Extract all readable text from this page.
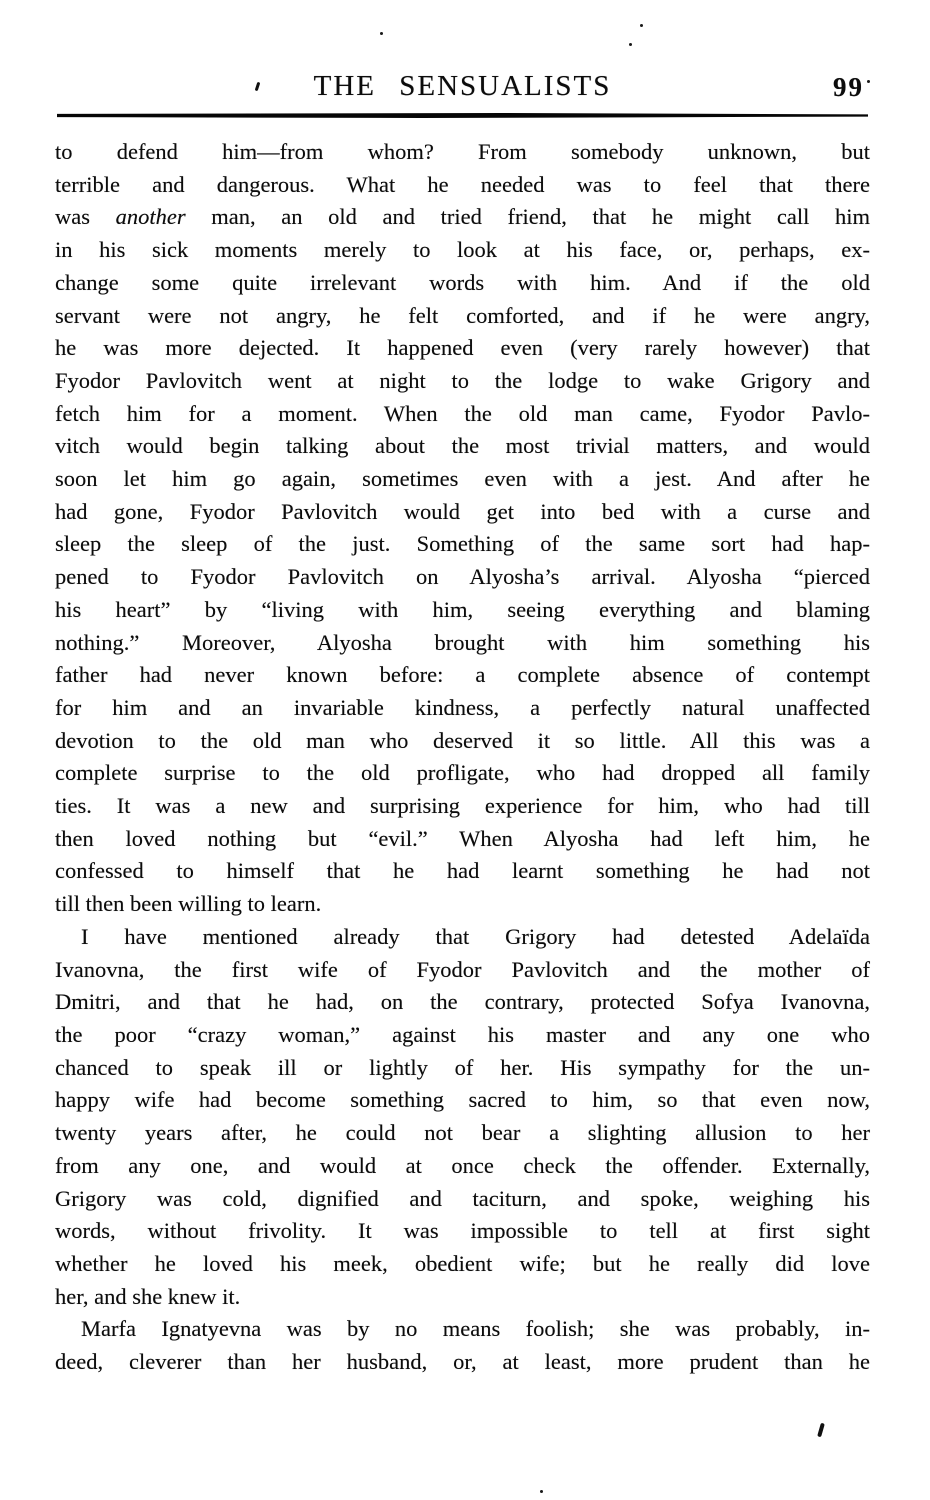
THE SENSUALISTS	99
to defend him—from whom? From somebody unknown, but
terrible and dangerous. What he needed was to feel that there
was another man, an old and tried friend, that he might call him
in his sick moments merely to look at his face, or, perhaps, ex-
change some quite irrelevant words with him. And if the old
servant were not angry, he felt comforted, and if he were angry,
he was more dejected. It happened even (very rarely however) that
Fyodor Pavlovitch went at night to the lodge to wake Grigory and
fetch him for a moment. When the old man came, Fyodor Pavlo-
vitch would begin talking about the most trivial matters, and would
soon let him go again, sometimes even with a jest. And after he
had gone, Fyodor Pavlovitch would get into bed with a curse and
sleep the sleep of the just. Something of the same sort had hap-
pened to Fyodor Pavlovitch on Alyosha’s arrival. Alyosha “pierced
his heart” by “living with him, seeing everything and blaming
nothing.” Moreover, Alyosha brought with him something his
father had never known before: a complete absence of contempt
for him and an invariable kindness, a perfectly natural unaffected
devotion to the old man who deserved it so little. All this was a
complete surprise to the old profligate, who had dropped all family
ties. It was a new and surprising experience for him, who had till
then loved nothing but “evil.” When Alyosha had left him, he
confessed to himself that he had learnt something he had not
till then been willing to learn.
I have mentioned already that Grigory had detested Adelaïda
Ivanovna, the first wife of Fyodor Pavlovitch and the mother of
Dmitri, and that he had, on the contrary, protected Sofya Ivanovna,
the poor “crazy woman,” against his master and any one who
chanced to speak ill or lightly of her. His sympathy for the un-
happy wife had become something sacred to him, so that even now,
twenty years after, he could not bear a slighting allusion to her
from any one, and would at once check the offender. Externally,
Grigory was cold, dignified and taciturn, and spoke, weighing his
words, without frivolity. It was impossible to tell at first sight
whether he loved his meek, obedient wife; but he really did love
her, and she knew it.
Marfa Ignatyevna was by no means foolish; she was probably, in-
deed, cleverer than her husband, or, at least, more prudent than he
